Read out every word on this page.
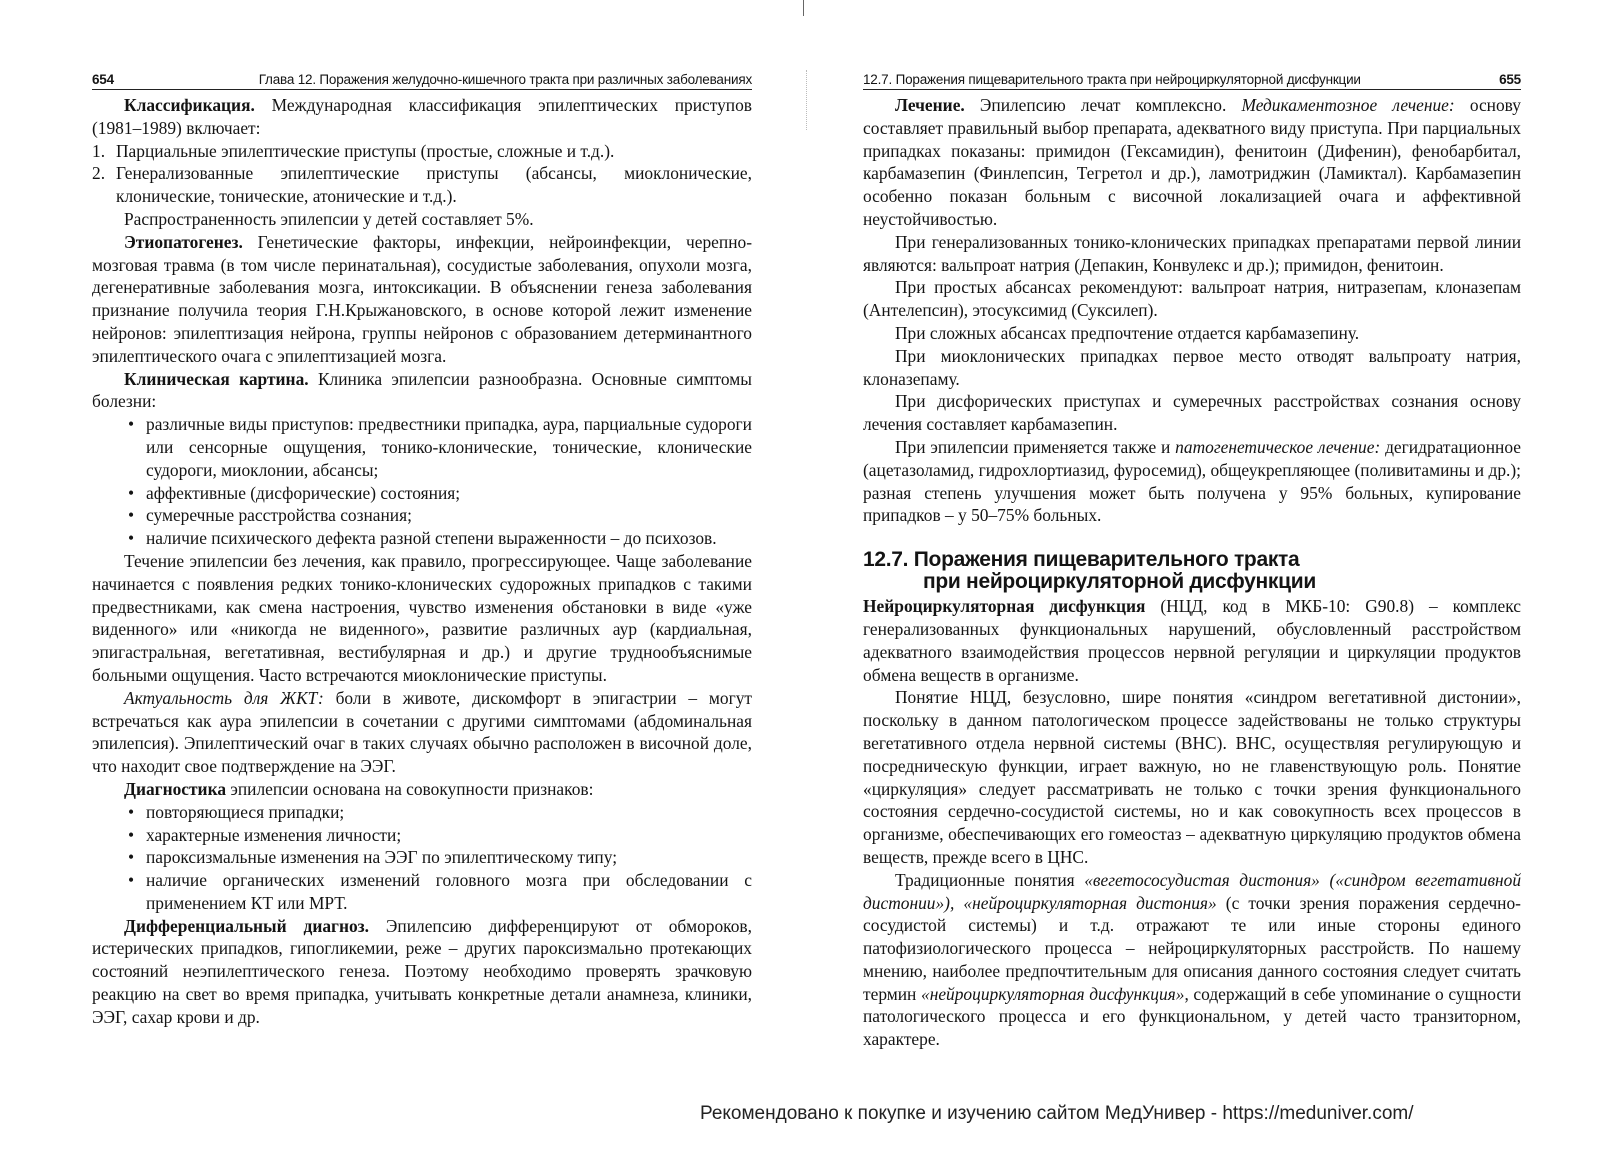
654	Глава 12. Поражения желудочно-кишечного тракта при различных заболеваниях

Классификация. Международная классификация эпилептических приступов (1981–1989) включает:

1. Парциальные эпилептические приступы (простые, сложные и т.д.).
2. Генерализованные эпилептические приступы (абсансы, миоклонические, клонические, тонические, атонические и т.д.).

Распространенность эпилепсии у детей составляет 5%.

Этиопатогенез. Генетические факторы, инфекции, нейроинфекции, черепно-мозговая травма (в том числе перинатальная), сосудистые заболевания, опухоли мозга, дегенеративные заболевания мозга, интоксикации. В объяснении генеза заболевания признание получила теория Г.Н.Крыжановского, в основе которой лежит изменение нейронов: эпилептизация нейрона, группы нейронов с образованием детерминантного эпилептического очага с эпилептизацией мозга.

Клиническая картина. Клиника эпилепсии разнообразна. Основные симптомы болезни:

• различные виды приступов: предвестники припадка, аура, парциальные судороги или сенсорные ощущения, тонико-клонические, тонические, клонические судороги, миоклонии, абсансы;
• аффективные (дисфорические) состояния;
• сумеречные расстройства сознания;
• наличие психического дефекта разной степени выраженности – до психозов.

Течение эпилепсии без лечения, как правило, прогрессирующее. Чаще заболевание начинается с появления редких тонико-клонических судорожных припадков с такими предвестниками, как смена настроения, чувство изменения обстановки в виде «уже виденного» или «никогда не виденного», развитие различных аур (кардиальная, эпигастральная, вегетативная, вестибулярная и др.) и другие труднообъяснимые больными ощущения. Часто встречаются миоклонические приступы.

Актуальность для ЖКТ: боли в животе, дискомфорт в эпигастрии – могут встречаться как аура эпилепсии в сочетании с другими симптомами (абдоминальная эпилепсия). Эпилептический очаг в таких случаях обычно расположен в височной доле, что находит свое подтверждение на ЭЭГ.

Диагностика эпилепсии основана на совокупности признаков:

• повторяющиеся припадки;
• характерные изменения личности;
• пароксизмальные изменения на ЭЭГ по эпилептическому типу;
• наличие органических изменений головного мозга при обследовании с применением КТ или МРТ.

Дифференциальный диагноз. Эпилепсию дифференцируют от обмороков, истерических припадков, гипогликемии, реже – других пароксизмально протекающих состояний неэпилептического генеза. Поэтому необходимо проверять зрачковую реакцию на свет во время припадка, учитывать конкретные детали анамнеза, клиники, ЭЭГ, сахар крови и др.

12.7. Поражения пищеварительного тракта при нейроциркуляторной дисфункции	655

Лечение. Эпилепсию лечат комплексно. Медикаментозное лечение: основу составляет правильный выбор препарата, адекватного виду приступа. При парциальных припадках показаны: примидон (Гексамидин), фенитоин (Дифенин), фенобарбитал, карбамазепин (Финлепсин, Тегретол и др.), ламотриджин (Ламиктал). Карбамазепин особенно показан больным с височной локализацией очага и аффективной неустойчивостью.

При генерализованных тонико-клонических припадках препаратами первой линии являются: вальпроат натрия (Депакин, Конвулекс и др.); примидон, фенитоин.

При простых абсансах рекомендуют: вальпроат натрия, нитразепам, клоназепам (Антелепсин), этосуксимид (Суксилеп).

При сложных абсансах предпочтение отдается карбамазепину.

При миоклонических припадках первое место отводят вальпроату натрия, клоназепаму.

При дисфорических приступах и сумеречных расстройствах сознания основу лечения составляет карбамазепин.

При эпилепсии применяется также и патогенетическое лечение: дегидратационное (ацетазоламид, гидрохлортиазид, фуросемид), общеукрепляющее (поливитамины и др.); разная степень улучшения может быть получена у 95% больных, купирование припадков – у 50–75% больных.

12.7. Поражения пищеварительного тракта
при нейроциркуляторной дисфункции

Нейроциркуляторная дисфункция (НЦД, код в МКБ-10: G90.8) – комплекс генерализованных функциональных нарушений, обусловленный расстройством адекватного взаимодействия процессов нервной регуляции и циркуляции продуктов обмена веществ в организме.

Понятие НЦД, безусловно, шире понятия «синдром вегетативной дистонии», поскольку в данном патологическом процессе задействованы не только структуры вегетативного отдела нервной системы (ВНС). ВНС, осуществляя регулирующую и посредническую функции, играет важную, но не главенствующую роль. Понятие «циркуляция» следует рассматривать не только с точки зрения функционального состояния сердечно-сосудистой системы, но и как совокупность всех процессов в организме, обеспечивающих его гомеостаз – адекватную циркуляцию продуктов обмена веществ, прежде всего в ЦНС.

Традиционные понятия «вегетососудистая дистония» («синдром вегетативной дистонии»), «нейроциркуляторная дистония» (с точки зрения поражения сердечно-сосудистой системы) и т.д. отражают те или иные стороны единого патофизиологического процесса – нейроциркуляторных расстройств. По нашему мнению, наиболее предпочтительным для описания данного состояния следует считать термин «нейроциркуляторная дисфункция», содержащий в себе упоминание о сущности патологического процесса и его функциональном, у детей часто транзиторном, характере.

Рекомендовано к покупке и изучению сайтом МедУнивер - https://meduniver.com/
